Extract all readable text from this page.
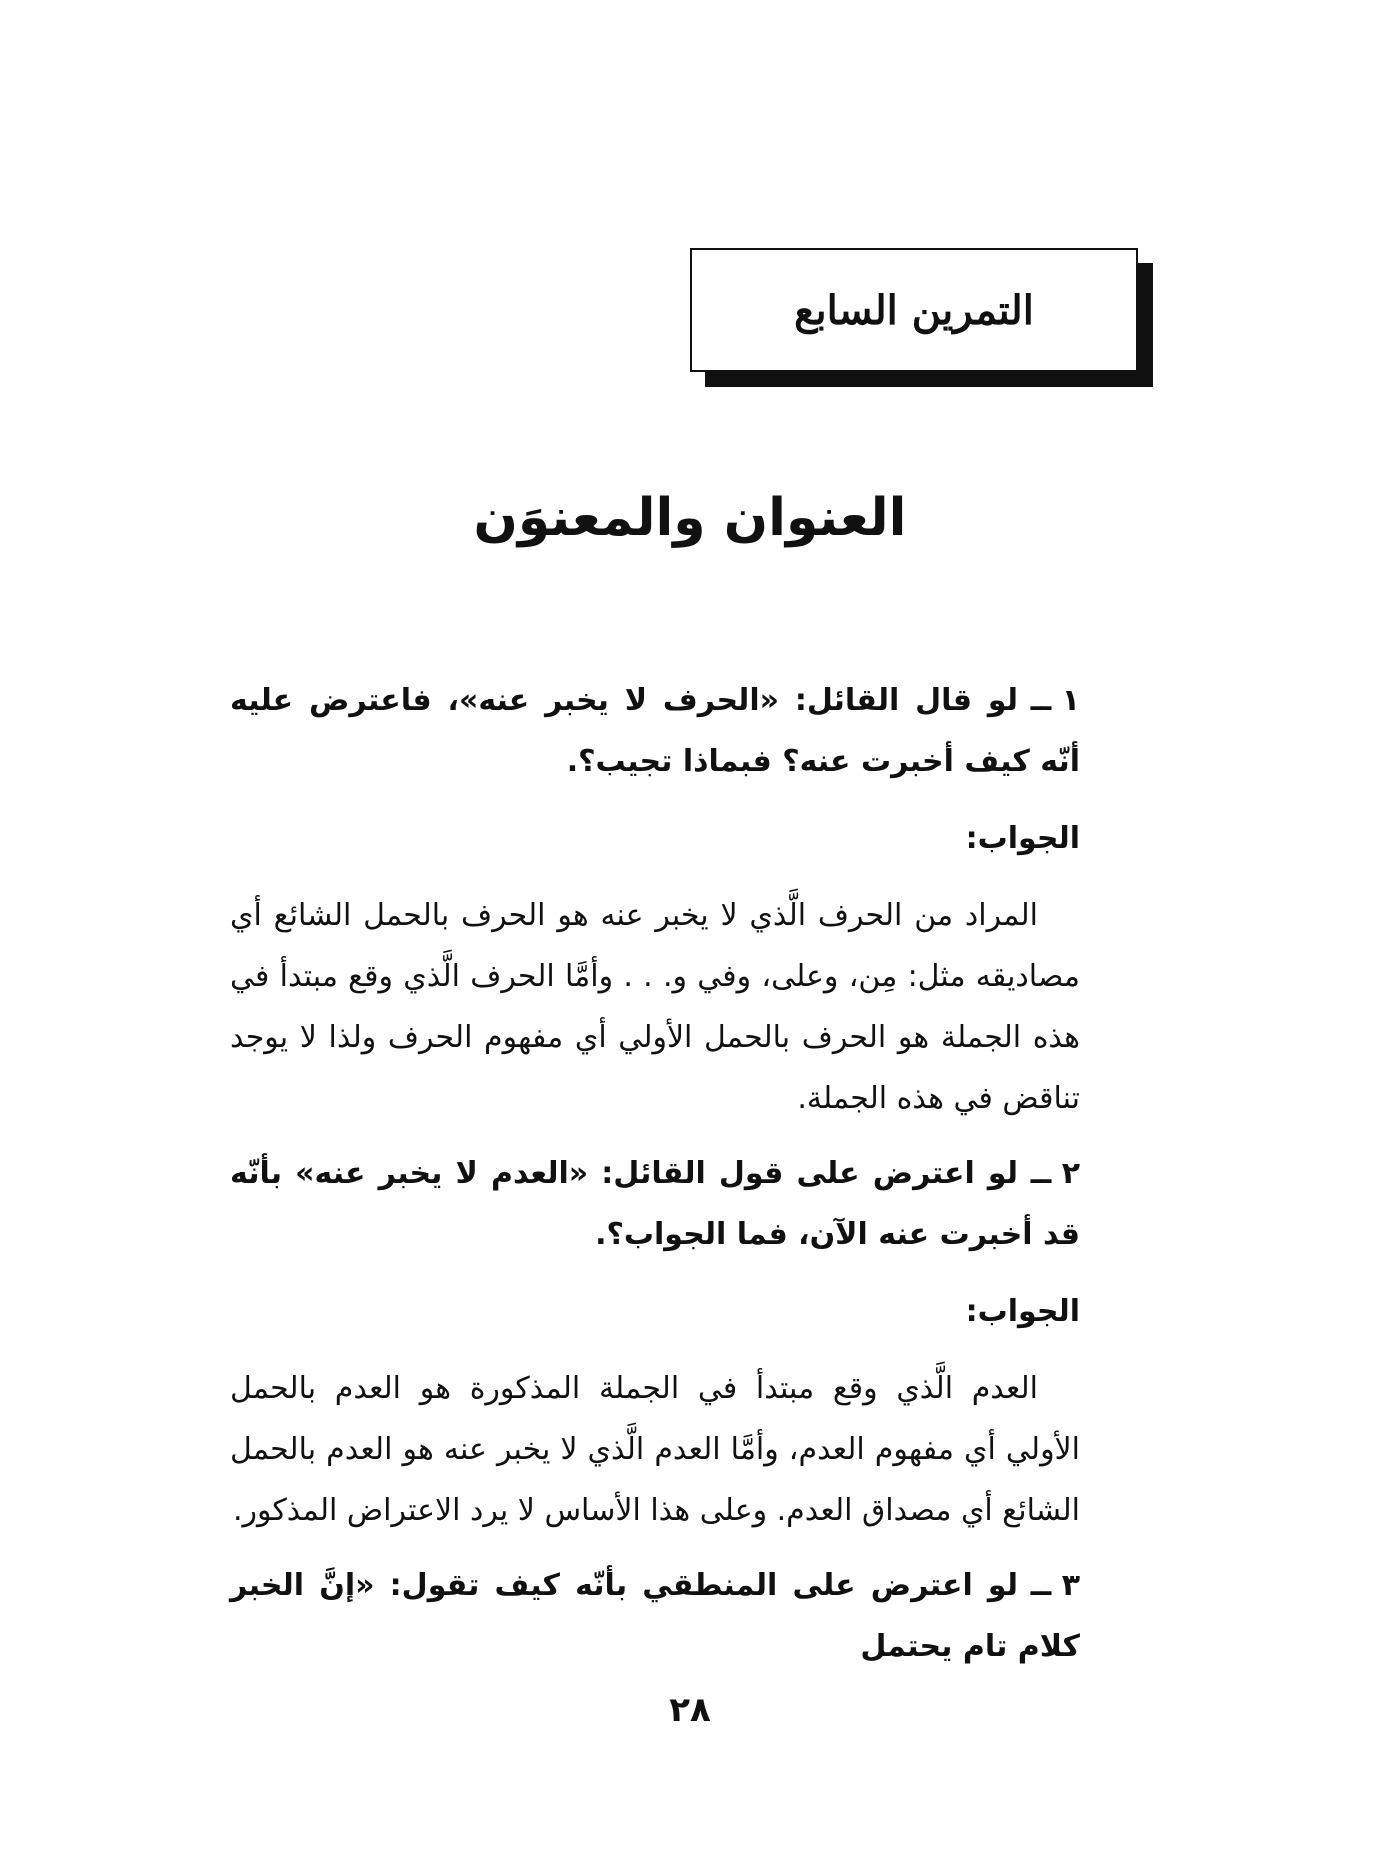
التمرين السابع
العنوان والمعنوَن

١ ــلو قال القائل: «الحرف لا يخبر عنه»، فاعترض عليه أنّه كيف أخبرت عنه؟ فبماذا تجيب؟.

الجواب:

المراد من الحرف الَّذي لا يخبر عنه هو الحرف بالحمل الشائع أي مصاديقه مثل: مِن، وعلى، وفي و. . . وأمَّا الحرف الَّذي وقع مبتدأ في هذه الجملة هو الحرف بالحمل الأولي أي مفهوم الحرف ولذا لا يوجد تناقض في هذه الجملة.

٢ ــلو اعترض على قول القائل: «العدم لا يخبر عنه» بأنّه قد أخبرت عنه الآن، فما الجواب؟.

الجواب:

العدم الَّذي وقع مبتدأ في الجملة المذكورة هو العدم بالحمل الأولي أي مفهوم العدم، وأمَّا العدم الَّذي لا يخبر عنه هو العدم بالحمل الشائع أي مصداق العدم. وعلى هذا الأساس لا يرد الاعتراض المذكور.

٣ ــلو اعترض على المنطقي بأنّه كيف تقول: «إنَّ الخبر كلام تام يحتمل

٢٨
